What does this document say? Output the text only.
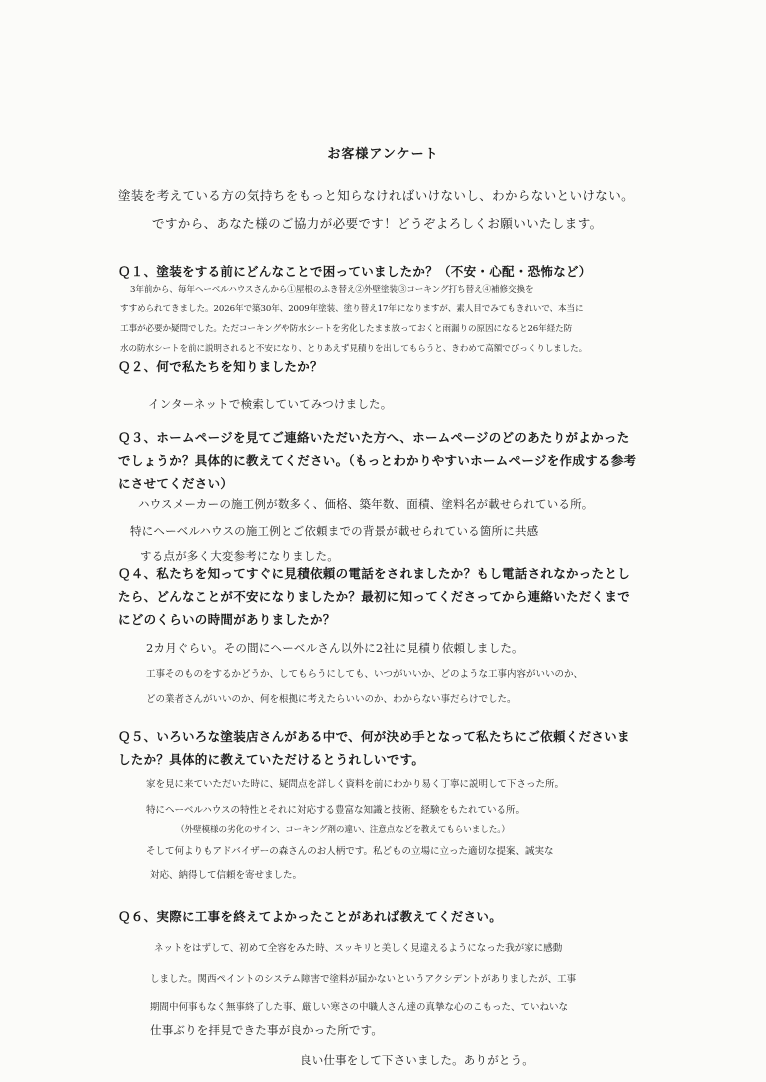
お客様アンケート
塗装を考えている方の気持ちをもっと知らなければいけないし、わからないといけない。
ですから、あなた様のご協力が必要です！どうぞよろしくお願いいたします。
Ｑ１、塗装をする前にどんなことで困っていましたか？（不安・心配・恐怖など）
3年前から、毎年ヘーベルハウスさんから①屋根のふき替え②外壁塗装③コーキング打ち替え④補修交換を
すすめられてきました。2026年で築30年、2009年塗装、塗り替え17年になりますが、素人目でみてもきれいで、本当に
工事が必要か疑問でした。ただコーキングや防水シートを劣化したまま放っておくと雨漏りの原因になると26年経た防
水の防水シートを前に説明されると不安になり、とりあえず見積りを出してもらうと、きわめて高額でびっくりしました。
Ｑ２、何で私たちを知りましたか？
インターネットで検索していてみつけました。
Ｑ３、ホームページを見てご連絡いただいた方へ、ホームページのどのあたりがよかった
でしょうか？具体的に教えてください。（もっとわかりやすいホームページを作成する参考
にさせてください）
ハウスメーカーの施工例が数多く、価格、築年数、面積、塗料名が載せられている所。
特にヘーベルハウスの施工例とご依頼までの背景が載せられている箇所に共感
する点が多く大変参考になりました。
Ｑ４、私たちを知ってすぐに見積依頼の電話をされましたか？もし電話されなかったとし
たら、どんなことが不安になりましたか？最初に知ってくださってから連絡いただくまで
にどのくらいの時間がありましたか？
2カ月ぐらい。その間にヘーベルさん以外に2社に見積り依頼しました。
工事そのものをするかどうか、してもらうにしても、いつがいいか、どのような工事内容がいいのか、
どの業者さんがいいのか、何を根拠に考えたらいいのか、わからない事だらけでした。
Ｑ５、いろいろな塗装店さんがある中で、何が決め手となって私たちにご依頼くださいま
したか？具体的に教えていただけるとうれしいです。
家を見に来ていただいた時に、疑問点を詳しく資料を前にわかり易く丁寧に説明して下さった所。
特にヘーベルハウスの特性とそれに対応する豊富な知識と技術、経験をもたれている所。
（外壁模様の劣化のサイン、コーキング剤の違い、注意点などを教えてもらいました。）
そして何よりもアドバイザーの森さんのお人柄です。私どもの立場に立った適切な提案、誠実な
対応、納得して信頼を寄せました。
Ｑ６、実際に工事を終えてよかったことがあれば教えてください。
ネットをはずして、初めて全容をみた時、スッキリと美しく見違えるようになった我が家に感動
しました。関西ペイントのシステム障害で塗料が届かないというアクシデントがありましたが、工事
期間中何事もなく無事終了した事、厳しい寒さの中職人さん達の真摯な心のこもった、ていねいな
仕事ぶりを拝見できた事が良かった所です。
良い仕事をして下さいました。ありがとう。
